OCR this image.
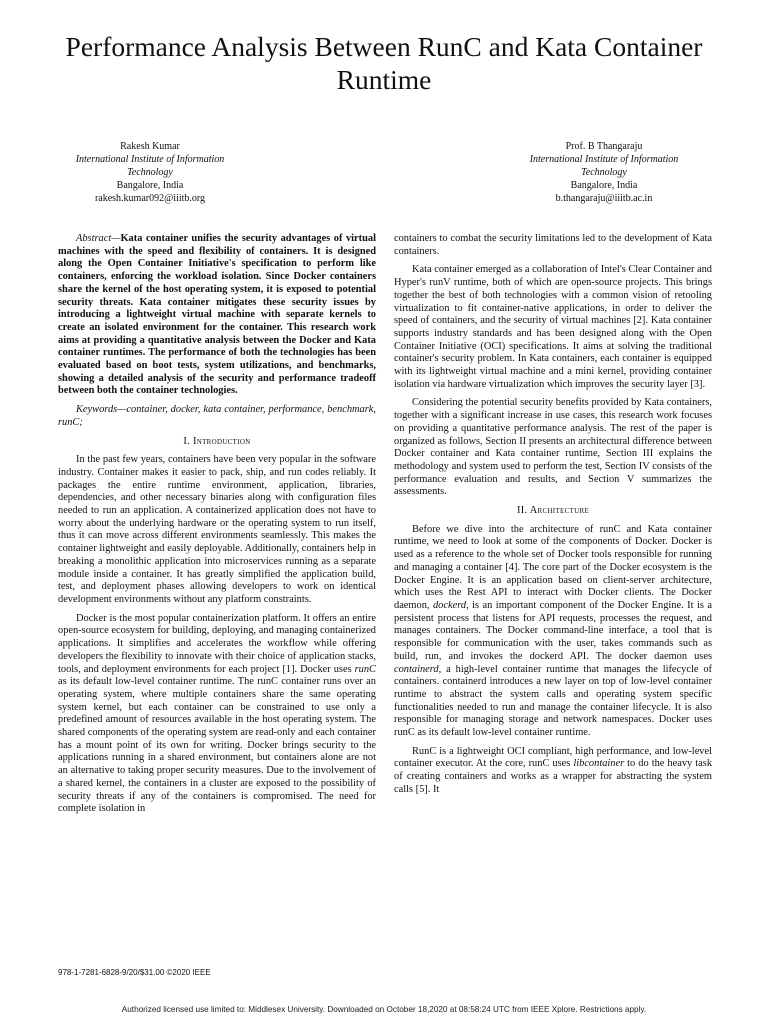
Performance Analysis Between RunC and Kata Container Runtime
Rakesh Kumar
International Institute of Information
Technology
Bangalore, India
rakesh.kumar092@iiitb.org
Prof. B Thangaraju
International Institute of Information
Technology
Bangalore, India
b.thangaraju@iiitb.ac.in

Abstract—Kata container unifies the security advantages of virtual machines with the speed and flexibility of containers. It is designed along the Open Container Initiative's specification to perform like containers, enforcing the workload isolation. Since Docker containers share the kernel of the host operating system, it is exposed to potential security threats. Kata container mitigates these security issues by introducing a lightweight virtual machine with separate kernels to create an isolated environment for the container. This research work aims at providing a quantitative analysis between the Docker and Kata container runtimes. The performance of both the technologies has been evaluated based on boot tests, system utilizations, and benchmarks, showing a detailed analysis of the security and performance tradeoff between both the container technologies.

Keywords—container, docker, kata container, performance, benchmark, runC;

I. Introduction

In the past few years, containers have been very popular in the software industry. Container makes it easier to pack, ship, and run codes reliably. It packages the entire runtime environment, application, libraries, dependencies, and other necessary binaries along with configuration files needed to run an application. A containerized application does not have to worry about the underlying hardware or the operating system to run itself, thus it can move across different environments seamlessly. This makes the container lightweight and easily deployable. Additionally, containers help in breaking a monolithic application into microservices running as a separate module inside a container. It has greatly simplified the application build, test, and deployment phases allowing developers to work on identical development environments without any platform constraints.

Docker is the most popular containerization platform. It offers an entire open-source ecosystem for building, deploying, and managing containerized applications. It simplifies and accelerates the workflow while offering developers the flexibility to innovate with their choice of application stacks, tools, and deployment environments for each project [1]. Docker uses runC as its default low-level container runtime. The runC container runs over an operating system, where multiple containers share the same operating system kernel, but each container can be constrained to use only a predefined amount of resources available in the host operating system. The shared components of the operating system are read-only and each container has a mount point of its own for writing. Docker brings security to the applications running in a shared environment, but containers alone are not an alternative to taking proper security measures. Due to the involvement of a shared kernel, the containers in a cluster are exposed to the possibility of security threats if any of the containers is compromised. The need for complete isolation in

containers to combat the security limitations led to the development of Kata containers.

Kata container emerged as a collaboration of Intel's Clear Container and Hyper's runV runtime, both of which are open-source projects. This brings together the best of both technologies with a common vision of retooling virtualization to fit container-native applications, in order to deliver the speed of containers, and the security of virtual machines [2]. Kata container supports industry standards and has been designed along with the Open Container Initiative (OCI) specifications. It aims at solving the traditional container's security problem. In Kata containers, each container is equipped with its lightweight virtual machine and a mini kernel, providing container isolation via hardware virtualization which improves the security layer [3].

Considering the potential security benefits provided by Kata containers, together with a significant increase in use cases, this research work focuses on providing a quantitative performance analysis. The rest of the paper is organized as follows, Section II presents an architectural difference between Docker container and Kata container runtime, Section III explains the methodology and system used to perform the test, Section IV consists of the performance evaluation and results, and Section V summarizes the assessments.

II. Architecture

Before we dive into the architecture of runC and Kata container runtime, we need to look at some of the components of Docker. Docker is used as a reference to the whole set of Docker tools responsible for running and managing a container [4]. The core part of the Docker ecosystem is the Docker Engine. It is an application based on client-server architecture, which uses the Rest API to interact with Docker clients. The Docker daemon, dockerd, is an important component of the Docker Engine. It is a persistent process that listens for API requests, processes the request, and manages containers. The Docker command-line interface, a tool that is responsible for communication with the user, takes commands such as build, run, and invokes the dockerd API. The docker daemon uses containerd, a high-level container runtime that manages the lifecycle of containers. containerd introduces a new layer on top of low-level container runtime to abstract the system calls and operating system specific functionalities needed to run and manage the container lifecycle. It is also responsible for managing storage and network namespaces. Docker uses runC as its default low-level container runtime.

RunC is a lightweight OCI compliant, high performance, and low-level container executor. At the core, runC uses libcontainer to do the heavy task of creating containers and works as a wrapper for abstracting the system calls [5]. It

978-1-7281-6828-9/20/$31.00 ©2020 IEEE
Authorized licensed use limited to: Middlesex University. Downloaded on October 18,2020 at 08:58:24 UTC from IEEE Xplore. Restrictions apply.
